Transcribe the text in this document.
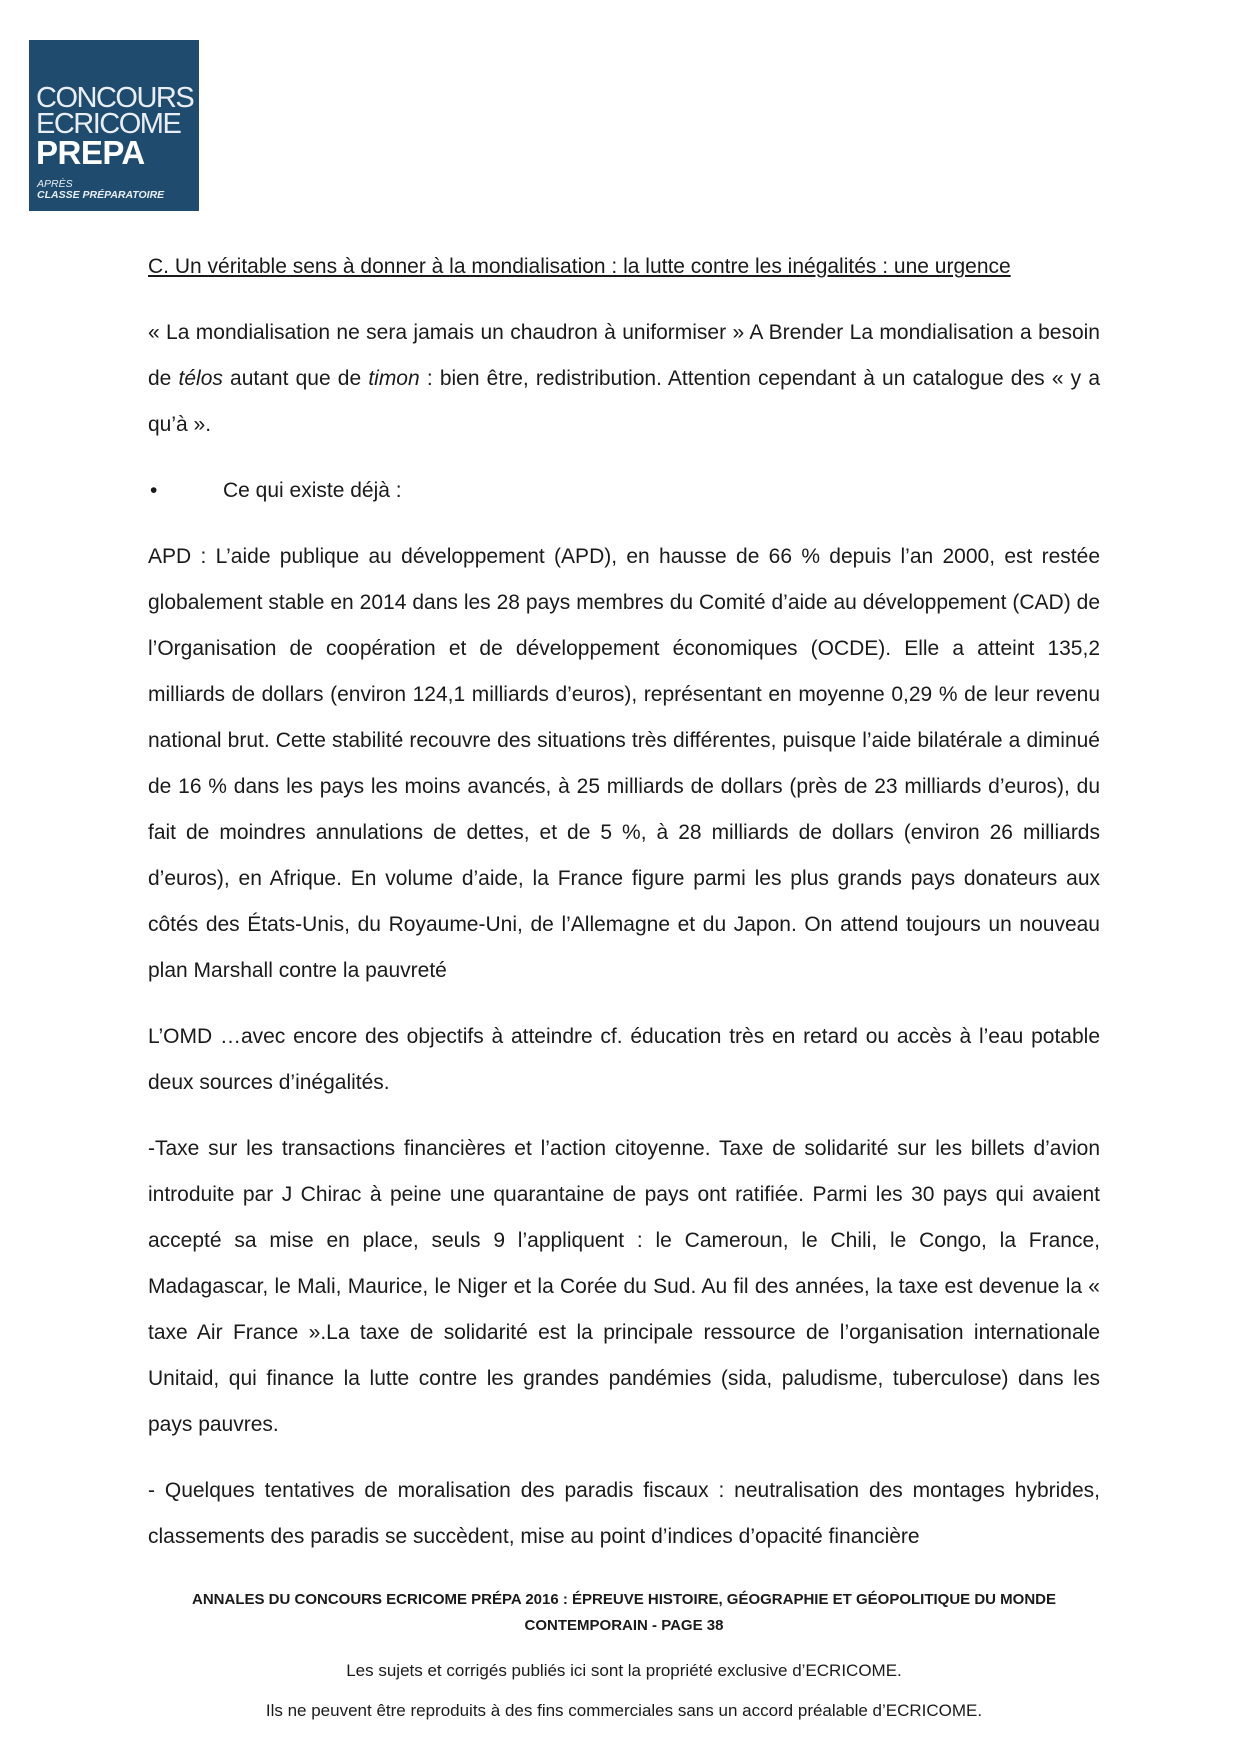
CONCOURS
ECRICOME
PREPA
APRÈS
CLASSE PRÉPARATOIRE

C. Un véritable sens à donner à la mondialisation : la lutte contre les inégalités : une urgence

« La mondialisation ne sera jamais un chaudron à uniformiser » A Brender La mondialisation a besoin de télos autant que de timon : bien être, redistribution. Attention cependant à un catalogue des « y a qu’à ».

•	Ce qui existe déjà :

APD : L’aide publique au développement (APD), en hausse de 66 % depuis l’an 2000, est restée globalement stable en 2014 dans les 28 pays membres du Comité d’aide au développement (CAD) de l’Organisation de coopération et de développement économiques (OCDE). Elle a atteint 135,2 milliards de dollars (environ 124,1 milliards d’euros), représentant en moyenne 0,29 % de leur revenu national brut. Cette stabilité recouvre des situations très différentes, puisque l’aide bilatérale a diminué de 16 % dans les pays les moins avancés, à 25 milliards de dollars (près de 23 milliards d’euros), du fait de moindres annulations de dettes, et de 5 %, à 28 milliards de dollars (environ 26 milliards d’euros), en Afrique. En volume d’aide, la France figure parmi les plus grands pays donateurs aux côtés des États-Unis, du Royaume-Uni, de l’Allemagne et du Japon. On attend toujours un nouveau plan Marshall contre la pauvreté

L’OMD …avec encore des objectifs à atteindre cf. éducation très en retard ou accès à l’eau potable deux sources d’inégalités.

-Taxe sur les transactions financières et l’action citoyenne. Taxe de solidarité sur les billets d’avion introduite par J Chirac à peine une quarantaine de pays ont ratifiée. Parmi les 30 pays qui avaient accepté sa mise en place, seuls 9 l’appliquent : le Cameroun, le Chili, le Congo, la France, Madagascar, le Mali, Maurice, le Niger et la Corée du Sud. Au fil des années, la taxe est devenue la « taxe Air France ».La taxe de solidarité est la principale ressource de l’organisation internationale Unitaid, qui finance la lutte contre les grandes pandémies (sida, paludisme, tuberculose) dans les pays pauvres.

- Quelques tentatives de moralisation des paradis fiscaux : neutralisation des montages hybrides, classements des paradis se succèdent, mise au point d’indices d’opacité financière

ANNALES DU CONCOURS ECRICOME PRÉPA 2016 : ÉPREUVE HISTOIRE, GÉOGRAPHIE ET GÉOPOLITIQUE DU MONDE
CONTEMPORAIN - PAGE 38
Les sujets et corrigés publiés ici sont la propriété exclusive d’ECRICOME.
Ils ne peuvent être reproduits à des fins commerciales sans un accord préalable d’ECRICOME.
